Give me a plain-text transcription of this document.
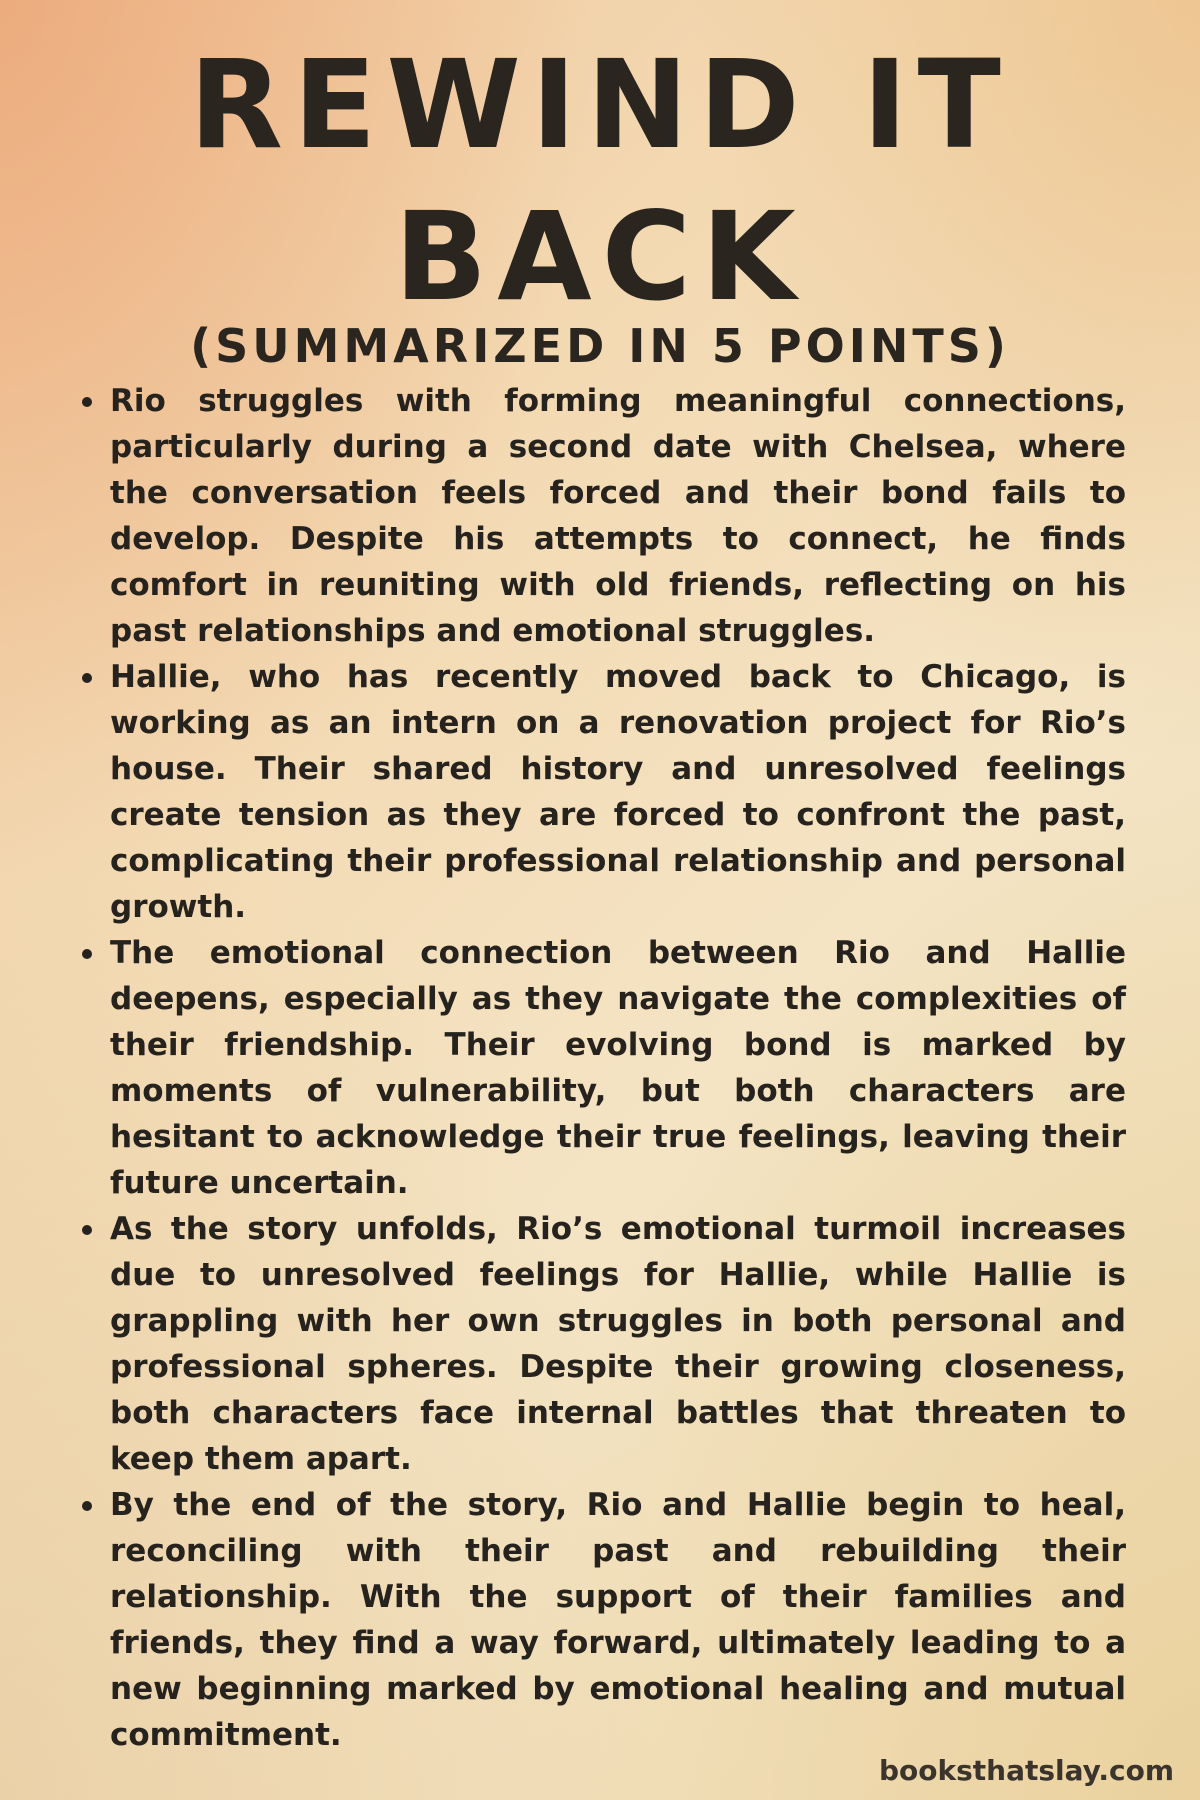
REWIND IT
BACK
(SUMMARIZED IN 5 POINTS)
Rio struggles with forming meaningful connections, particularly during a second date with Chelsea, where the conversation feels forced and their bond fails to develop. Despite his attempts to connect, he finds comfort in reuniting with old friends, reflecting on his past relationships and emotional struggles.
Hallie, who has recently moved back to Chicago, is working as an intern on a renovation project for Rio’s house. Their shared history and unresolved feelings create tension as they are forced to confront the past, complicating their professional relationship and personal growth.
The emotional connection between Rio and Hallie deepens, especially as they navigate the complexities of their friendship. Their evolving bond is marked by moments of vulnerability, but both characters are hesitant to acknowledge their true feelings, leaving their future uncertain.
As the story unfolds, Rio’s emotional turmoil increases due to unresolved feelings for Hallie, while Hallie is grappling with her own struggles in both personal and professional spheres. Despite their growing closeness, both characters face internal battles that threaten to keep them apart.
By the end of the story, Rio and Hallie begin to heal, reconciling with their past and rebuilding their relationship. With the support of their families and friends, they find a way forward, ultimately leading to a new beginning marked by emotional healing and mutual commitment.
booksthatslay.com
